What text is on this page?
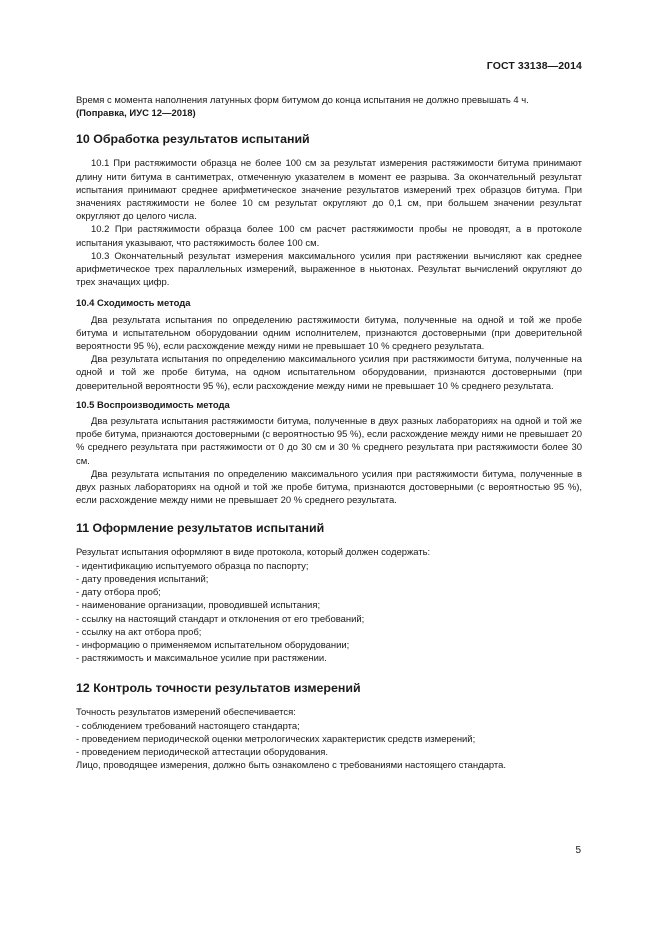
ГОСТ 33138—2014

Время с момента наполнения латунных форм битумом до конца испытания не должно превышать 4 ч.
(Поправка, ИУС 12—2018)

10 Обработка результатов испытаний

10.1 При растяжимости образца не более 100 см за результат измерения растяжимости битума принимают длину нити битума в сантиметрах, отмеченную указателем в момент ее разрыва. За окончательный результат испытания принимают среднее арифметическое значение результатов измерений трех образцов битума. При значениях растяжимости не более 10 см результат округляют до 0,1 см, при большем значении результат округляют до целого числа.

10.2 При растяжимости образца более 100 см расчет растяжимости пробы не проводят, а в протоколе испытания указывают, что растяжимость более 100 см.

10.3 Окончательный результат измерения максимального усилия при растяжении вычисляют как среднее арифметическое трех параллельных измерений, выраженное в ньютонах. Результат вычислений округляют до трех значащих цифр.

10.4 Сходимость метода

Два результата испытания по определению растяжимости битума, полученные на одной и той же пробе битума и испытательном оборудовании одним исполнителем, признаются достоверными (при доверительной вероятности 95 %), если расхождение между ними не превышает 10 % среднего результата.

Два результата испытания по определению максимального усилия при растяжимости битума, полученные на одной и той же пробе битума, на одном испытательном оборудовании, признаются достоверными (при доверительной вероятности 95 %), если расхождение между ними не превышает 10 % среднего результата.

10.5 Воспроизводимость метода

Два результата испытания растяжимости битума, полученные в двух разных лабораториях на одной и той же пробе битума, признаются достоверными (с вероятностью 95 %), если расхождение между ними не превышает 20 % среднего результата при растяжимости от 0 до 30 см и 30 % среднего результата при растяжимости более 30 см.

Два результата испытания по определению максимального усилия при растяжимости битума, полученные в двух разных лабораториях на одной и той же пробе битума, признаются достоверными (с вероятностью 95 %), если расхождение между ними не превышает 20 % среднего результата.

11 Оформление результатов испытаний

Результат испытания оформляют в виде протокола, который должен содержать:

- идентификацию испытуемого образца по паспорту;
- дату проведения испытаний;
- дату отбора проб;
- наименование организации, проводившей испытания;
- ссылку на настоящий стандарт и отклонения от его требований;
- ссылку на акт отбора проб;
- информацию о применяемом испытательном оборудовании;
- растяжимость и максимальное усилие при растяжении.
12 Контроль точности результатов измерений

Точность результатов измерений обеспечивается:

- соблюдением требований настоящего стандарта;
- проведением периодической оценки метрологических характеристик средств измерений;
- проведением периодической аттестации оборудования.

Лицо, проводящее измерения, должно быть ознакомлено с требованиями настоящего стандарта.

5
